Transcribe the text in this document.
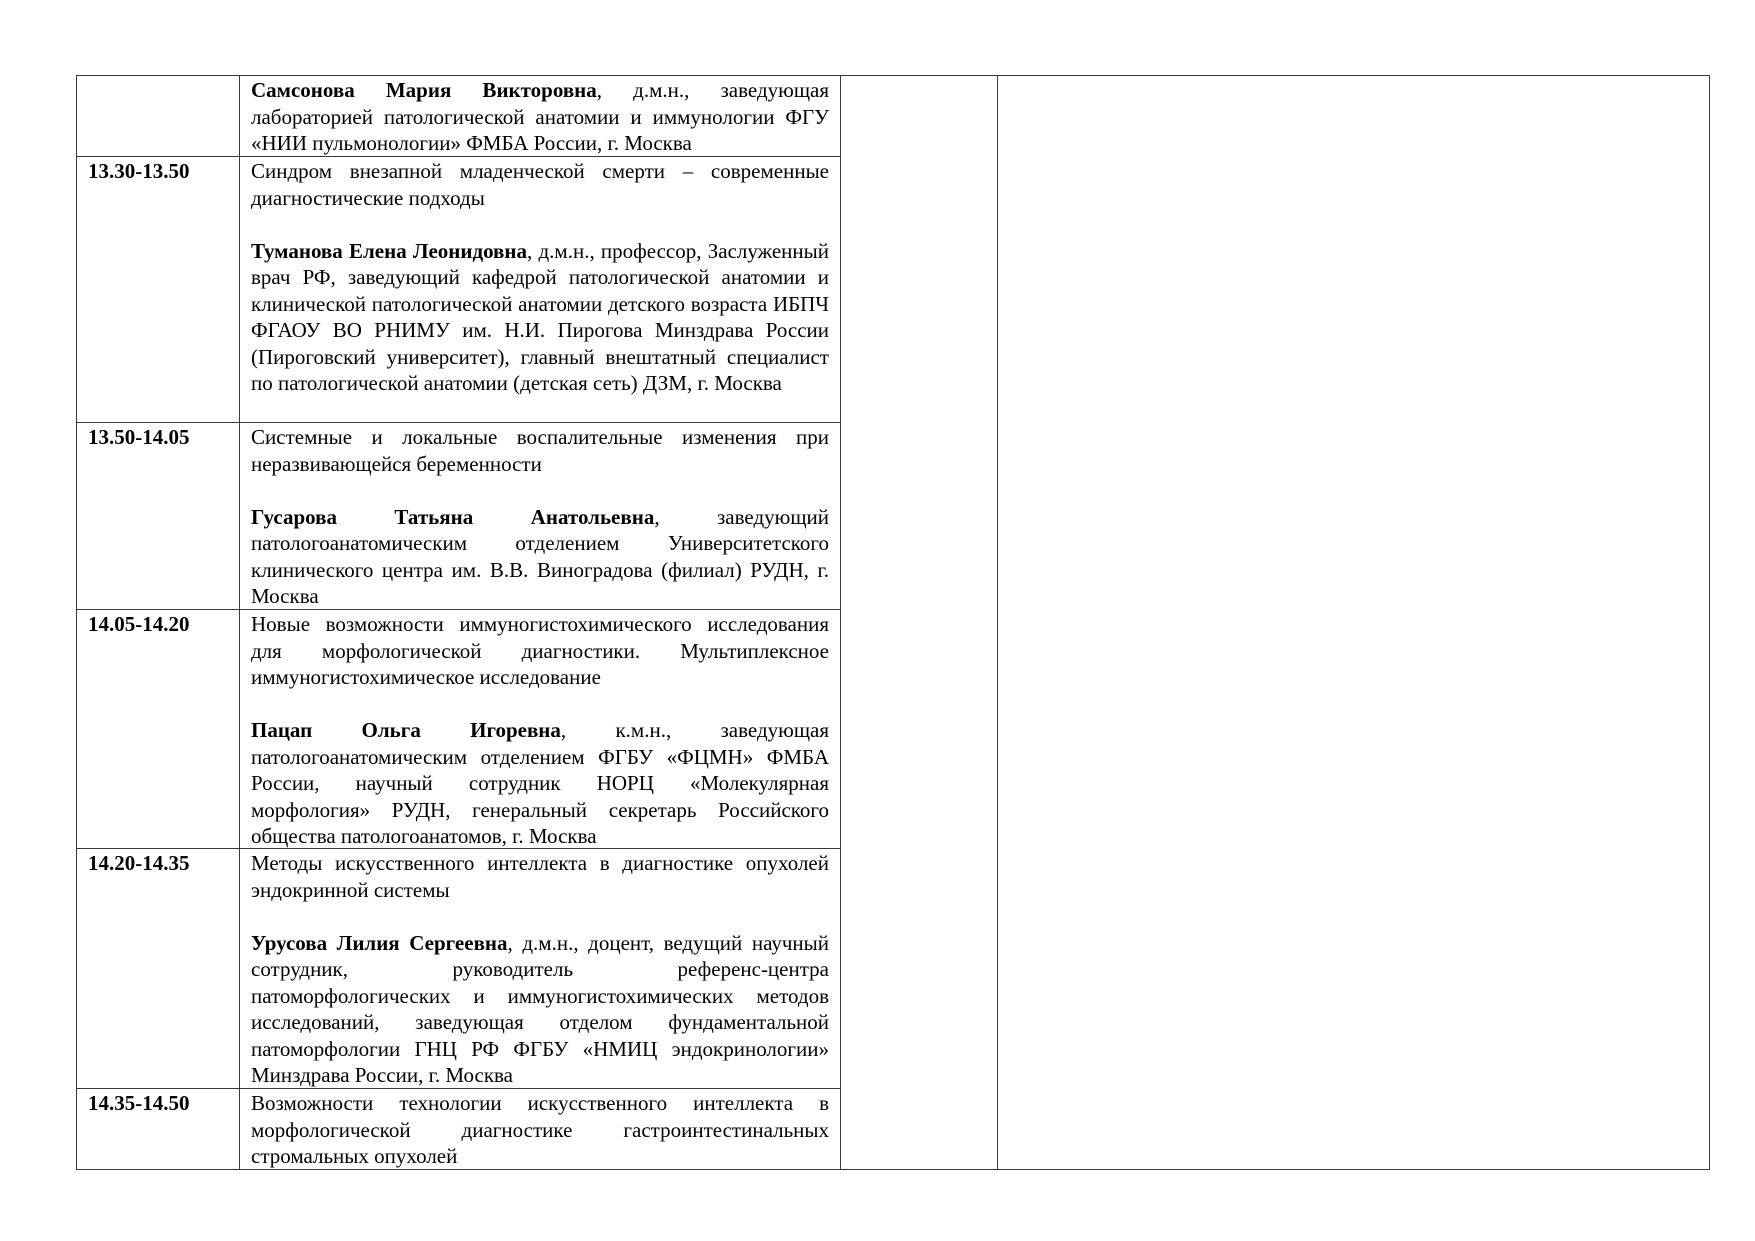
Самсонова Мария Викторовна, д.м.н., заведующая лабораторией патологической анатомии и иммунологии ФГУ «НИИ пульмонологии» ФМБА России, г. Москва

13.30-13.50	Синдром внезапной младенческой смерти – современные диагностические подходы

Туманова Елена Леонидовна, д.м.н., профессор, Заслуженный врач РФ, заведующий кафедрой патологической анатомии и клинической патологической анатомии детского возраста ИБПЧ ФГАОУ ВО РНИМУ им. Н.И. Пирогова Минздрава России (Пироговский университет), главный внештатный специалист по патологической анатомии (детская сеть) ДЗМ, г. Москва

13.50-14.05	Системные и локальные воспалительные изменения при неразвивающейся беременности

Гусарова Татьяна Анатольевна, заведующий патологоанатомическим отделением Университетского клинического центра им. В.В. Виноградова (филиал) РУДН, г. Москва

14.05-14.20	Новые возможности иммуногистохимического исследования для морфологической диагностики. Мультиплексное иммуногистохимическое исследование

Пацап Ольга Игоревна, к.м.н., заведующая патологоанатомическим отделением ФГБУ «ФЦМН» ФМБА России, научный сотрудник НОРЦ «Молекулярная морфология» РУДН, генеральный секретарь Российского общества патологоанатомов, г. Москва

14.20-14.35	Методы искусственного интеллекта в диагностике опухолей эндокринной системы

Урусова Лилия Сергеевна, д.м.н., доцент, ведущий научный сотрудник, руководитель референс-центра патоморфологических и иммуногистохимических методов исследований, заведующая отделом фундаментальной патоморфологии ГНЦ РФ ФГБУ «НМИЦ эндокринологии» Минздрава России, г. Москва

14.35-14.50	Возможности технологии искусственного интеллекта в морфологической диагностике гастроинтестинальных стромальных опухолей
